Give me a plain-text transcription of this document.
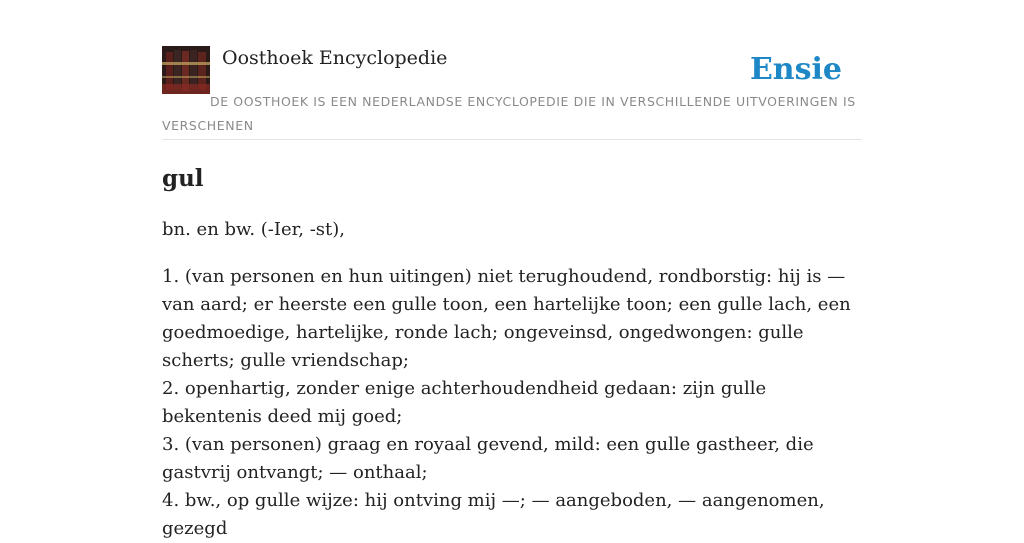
Oosthoek Encyclopedie	Ensie
DE OOSTHOEK IS EEN NEDERLANDSE ENCYCLOPEDIE DIE IN VERSCHILLENDE UITVOERINGEN IS VERSCHENEN
gul

bn. en bw. (-Ier, -st),

1. (van personen en hun uitingen) niet terughoudend, rondborstig: hij is — van aard; er heerste een gulle toon, een hartelijke toon; een gulle lach, een goedmoedige, hartelijke, ronde lach; ongeveinsd, ongedwongen: gulle scherts; gulle vriendschap;
2. openhartig, zonder enige achterhoudendheid gedaan: zijn gulle bekentenis deed mij goed;
3. (van personen) graag en royaal gevend, mild: een gulle gastheer, die gastvrij ontvangt; — onthaal;
4. bw., op gulle wijze: hij ontving mij —; — aangeboden, — aangenomen, gezegd
